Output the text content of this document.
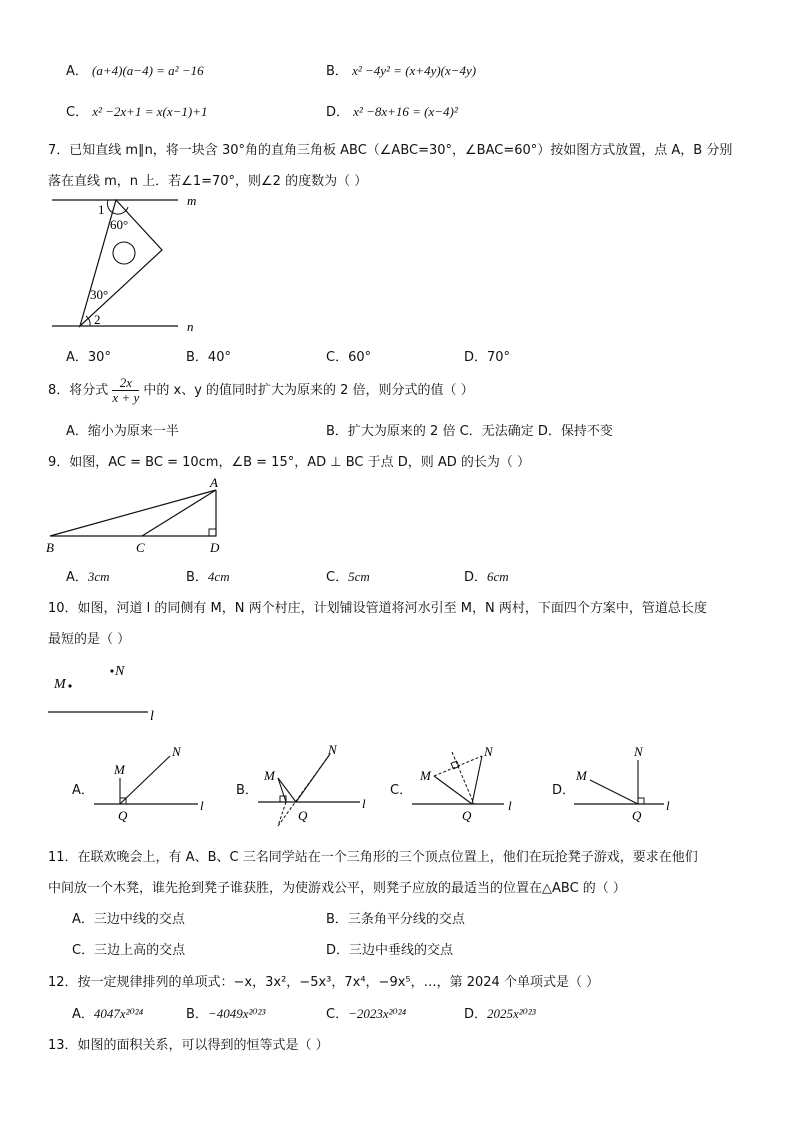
A． (a+4)(a−4) = a² −16	B． x² −4y² = (x+4y)(x−4y)
C． x² −2x+1 = x(x−1)+1	D． x² −8x+16 = (x−4)²
7．已知直线 m∥n，将一块含 30°角的直角三角板 ABC（∠ABC=30°，∠BAC=60°）按如图方式放置，点 A，B 分别
落在直线 m，n 上．若∠1=70°，则∠2 的度数为（ ）
1
60°
30°
2
m
n
A．30°	B．40°	C．60°	D．70°
8．将分式 $\frac{2x}{x + y}$ 中的 x、y 的值同时扩大为原来的 2 倍，则分式的值（ ）
A．缩小为原来一半	B．扩大为原来的 2 倍 C．无法确定 D．保持不变
9．如图，AC = BC = 10cm，∠B = 15°，AD ⊥ BC 于点 D，则 AD 的长为（ ）
A
B	C	D
A．3cm	B．4cm	C．5cm	D．6cm
10．如图，河道 l 的同侧有 M，N 两个村庄，计划铺设管道将河水引至 M，N 两村，下面四个方案中，管道总长度
最短的是（ ）
M
N
l
A．
M
N
Q
l
B．
M
N
Q
l
C．
M
N
Q
l
D．
M
N
Q
l
11．在联欢晚会上，有 A、B、C 三名同学站在一个三角形的三个顶点位置上，他们在玩抢凳子游戏，要求在他们
中间放一个木凳，谁先抢到凳子谁获胜，为使游戏公平，则凳子应放的最适当的位置在△ABC 的（ ）
A．三边中线的交点	B．三条角平分线的交点
C．三边上高的交点	D．三边中垂线的交点
12．按一定规律排列的单项式：−x，3x²，−5x³，7x⁴，−9x⁵，…，第 2024 个单项式是（ ）
A．4047x²⁰²⁴	B．−4049x²⁰²³	C．−2023x²⁰²⁴	D．2025x²⁰²³
13．如图的面积关系，可以得到的恒等式是（ ）
